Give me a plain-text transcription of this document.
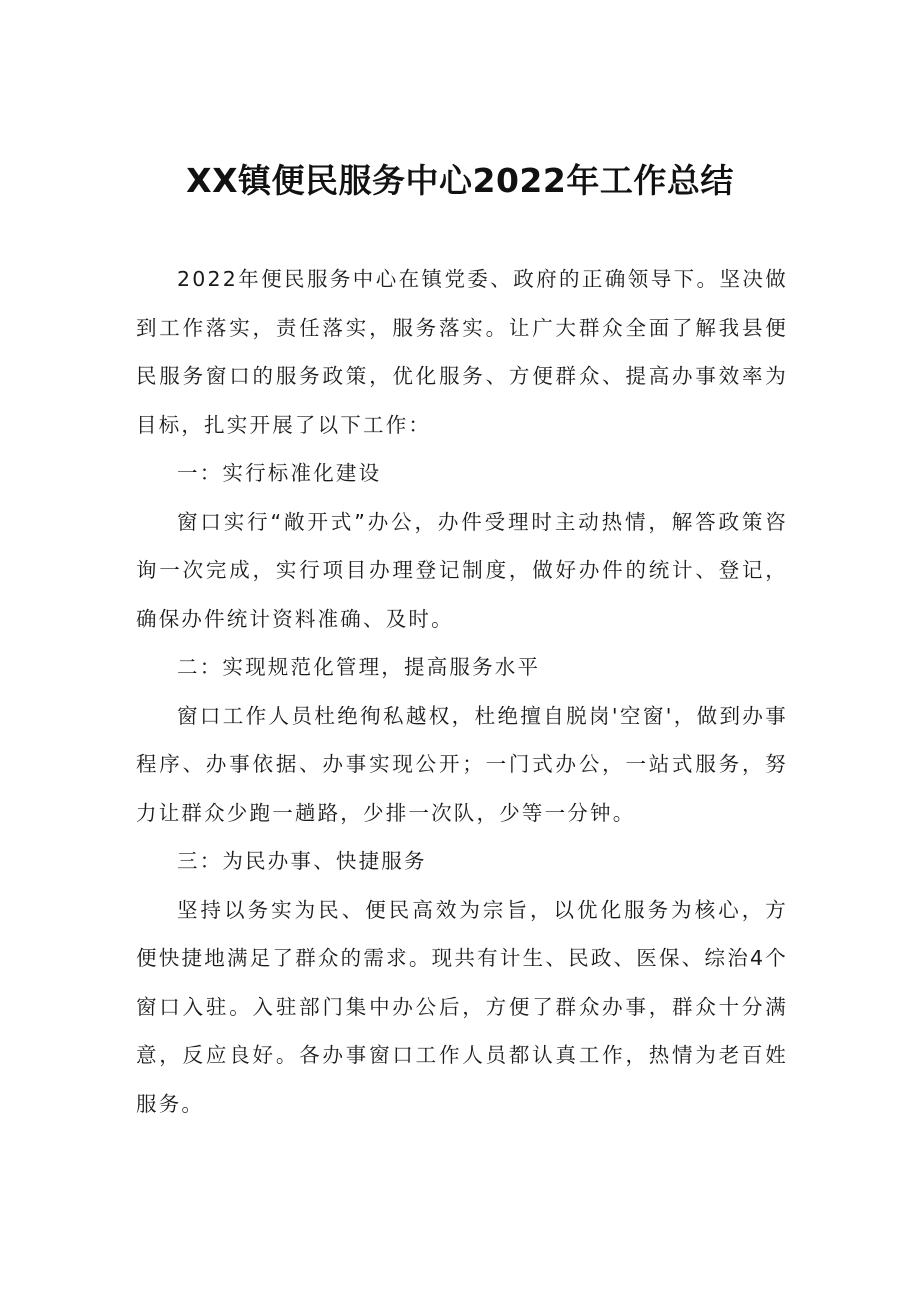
XX镇便民服务中心2022年工作总结

2022年便民服务中心在镇党委、政府的正确领导下。坚决做到工作落实，责任落实，服务落实。让广大群众全面了解我县便民服务窗口的服务政策，优化服务、方便群众、提高办事效率为目标，扎实开展了以下工作：

一：实行标准化建设

窗口实行“敞开式”办公，办件受理时主动热情，解答政策咨询一次完成，实行项目办理登记制度，做好办件的统计、登记，确保办件统计资料准确、及时。

二：实现规范化管理，提高服务水平

窗口工作人员杜绝徇私越权，杜绝擅自脱岗'空窗'，做到办事程序、办事依据、办事实现公开；一门式办公，一站式服务，努力让群众少跑一趟路，少排一次队，少等一分钟。

三：为民办事、快捷服务

坚持以务实为民、便民高效为宗旨，以优化服务为核心，方便快捷地满足了群众的需求。现共有计生、民政、医保、综治4个窗口入驻。入驻部门集中办公后，方便了群众办事，群众十分满意，反应良好。各办事窗口工作人员都认真工作，热情为老百姓服务。
